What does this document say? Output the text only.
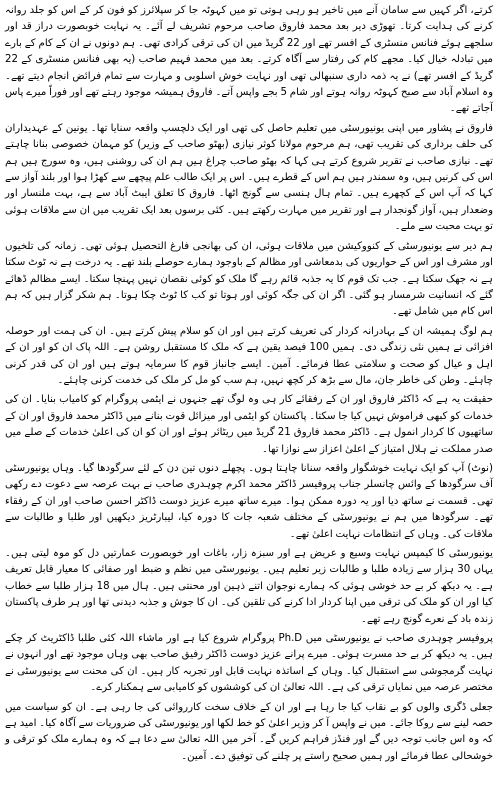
کرتے، اگر کہیں سے سامان آنے میں تاخیر ہو رہی ہوتی تو میں کہوٹہ جا کر سپلائرز کو فون کر کے اس کو جلد روانہ کرنے کی ہدایت کرتا۔ تھوڑی دیر بعد محمد فاروق صاحب مرحوم تشریف لے آئے۔ یہ نہایت خوبصورت دراز قد اور سلجھے ہوئے فنانس منسٹری کے افسر تھے اور 22 گریڈ میں ان کی ترقی کرادی تھی۔ ہم دونوں نے ان کے کام کے بارے میں تبادلہ خیال کیا۔ مجھے کام کی رفتار سے آگاہ کرتے۔ بعد میں محمد فہیم صاحب (یہ بھی فنانس منسٹری کے 22 گریڈ کے افسر تھے) نے یہ ذمہ داری سنبھالی تھی اور نہایت خوش اسلوبی و مہارت سے تمام فرائض انجام دیتے تھے۔ وہ اسلام آباد سے صبح کہوٹہ روانہ ہوتے اور شام 5 بجے واپس آتے۔ فاروق ہمیشہ موجود رہتے تھے اور فوراً میرے پاس آجاتے تھے۔

فاروق نے پشاور میں اپنی یونیورسٹی میں تعلیم حاصل کی تھی اور ایک دلچسپ واقعہ سنایا تھا۔ یونین کے عہدیداران کی حلف برداری کی تقریب تھی، ہم مرحوم مولانا کوثر نیازی (بھٹو صاحب کے وزیر) کو مہمان خصوصی بنانا چاہتے تھے۔ نیازی صاحب نے تقریر شروع کرتے ہی کہا کہ بھٹو صاحب چراغ ہیں ہم ان کی روشنی ہیں، وہ سورج ہیں ہم اس کی کرنیں ہیں، وہ سمندر ہیں ہم اس کے قطرے ہیں۔ اس پر ایک طالب علم پیچھے سے کھڑا ہوا اور بلند آواز سے کہا کہ آپ اس کے کچھرے ہیں۔ تمام ہال ہنسی سے گونج اٹھا۔ فاروق کا تعلق ایبٹ آباد سے ہے، بہت ملنسار اور وضعدار ہیں، آواز گونجدار ہے اور تقریر میں مہارت رکھتے ہیں۔ کئی برسوں بعد ایک تقریب میں ان سے ملاقات ہوئی تو بہت محبت سے ملے۔

ہم دیر سے یونیورسٹی کے کنووکیشن میں ملاقات ہوئی، ان کی بھانجی فارغ التحصیل ہوئی تھی۔ زمانہ کی تلخیوں اور مشرف اور اس کے حواریوں کی بدمعاشی اور مظالم کے باوجود ہمارے حوصلے بلند تھے۔ یہ درخت ہے نہ ٹوٹ سکتا ہے نہ جھک سکتا ہے۔ جب تک قوم کا یہ جذبہ قائم رہے گا ملک کو کوئی نقصان نہیں پہنچا سکتا۔ ایسے مظالم ڈھائے گئے کہ انسانیت شرمسار ہو گئی۔ اگر ان کی جگہ کوئی اور ہوتا تو کب کا ٹوٹ چکا ہوتا۔ ہم شکر گزار ہیں کہ ہم اس کام میں شامل تھے۔

ہم لوگ ہمیشہ ان کے بہادرانہ کردار کی تعریف کرتے ہیں اور ان کو سلام پیش کرتے ہیں۔ ان کی ہمت اور حوصلہ افزائی نے ہمیں نئی زندگی دی۔ ہمیں 100 فیصد یقین ہے کہ ملک کا مستقبل روشن ہے۔ اللہ پاک ان کو اور ان کے اہل و عیال کو صحت و سلامتی عطا فرمائے۔ آمین۔ ایسے جانباز قوم کا سرمایہ ہوتے ہیں اور ان کی قدر کرنی چاہئے۔ وطن کی خاطر جان، مال سے بڑھ کر کچھ نہیں، ہم سب کو مل کر ملک کی خدمت کرنی چاہئے۔

حقیقت یہ ہے کہ ڈاکٹر فاروق اور ان کے رفقائے کار ہی وہ لوگ تھے جنہوں نے ایٹمی پروگرام کو کامیاب بنایا۔ ان کی خدمات کو کبھی فراموش نہیں کیا جا سکتا۔ پاکستان کو ایٹمی اور میزائل قوت بنانے میں ڈاکٹر محمد فاروق اور ان کے ساتھیوں کا کردار انمول ہے۔ ڈاکٹر محمد فاروق 21 گریڈ میں ریٹائر ہوئے اور ان کو ان کی اعلیٰ خدمات کے صلے میں صدر مملکت نے ہلال امتیاز کے اعلیٰ اعزاز سے نوازا تھا۔

(نوٹ) آپ کو ایک نہایت خوشگوار واقعہ سنانا چاہتا ہوں۔ پچھلے دنوں تین دن کے لئے سرگودھا گیا۔ وہاں یونیورسٹی آف سرگودھا کے وائس چانسلر جناب پروفیسر ڈاکٹر محمد اکرم چوہدری صاحب نے بہت عرصہ سے دعوت دے رکھی تھی۔ قسمت نے ساتھ دیا اور یہ دورہ ممکن ہوا۔ میرے ساتھ میرے عزیز دوست ڈاکٹر احسن صاحب اور ان کے رفقاء تھے۔ سرگودھا میں ہم نے یونیورسٹی کے مختلف شعبہ جات کا دورہ کیا، لیبارٹریز دیکھیں اور طلبا و طالبات سے ملاقات کی۔ وہاں کے انتظامات نہایت اعلیٰ تھے۔

یونیورسٹی کا کیمپس نہایت وسیع و عریض ہے اور سبزہ زار، باغات اور خوبصورت عمارتیں دل کو موہ لیتی ہیں۔ یہاں 30 ہزار سے زیادہ طلبا و طالبات زیر تعلیم ہیں۔ یونیورسٹی میں نظم و ضبط اور صفائی کا معیار قابل تعریف ہے۔ یہ دیکھ کر بے حد خوشی ہوئی کہ ہمارے نوجوان اتنے ذہین اور محنتی ہیں۔ ہال میں 18 ہزار طلبا سے خطاب کیا اور ان کو ملک کی ترقی میں اپنا کردار ادا کرنے کی تلقین کی۔ ان کا جوش و جذبہ دیدنی تھا اور ہر طرف پاکستان زندہ باد کے نعرے گونج رہے تھے۔

پروفیسر چوہدری صاحب نے یونیورسٹی میں Ph.D پروگرام شروع کیا ہے اور ماشاء اللہ کئی طلبا ڈاکٹریٹ کر چکے ہیں۔ یہ دیکھ کر بے حد مسرت ہوئی۔ میرے پرانے عزیز دوست ڈاکٹر رفیق صاحب بھی وہاں موجود تھے اور انہوں نے نہایت گرمجوشی سے استقبال کیا۔ وہاں کے اساتذہ نہایت قابل اور تجربہ کار ہیں۔ ان کی محنت سے یونیورسٹی نے مختصر عرصہ میں نمایاں ترقی کی ہے۔ اللہ تعالیٰ ان کی کوششوں کو کامیابی سے ہمکنار کرے۔

جعلی ڈگری والوں کو بے نقاب کیا جا رہا ہے اور ان کے خلاف سخت کارروائی کی جا رہی ہے۔ ان کو سیاست میں حصہ لینے سے روکا جائے۔ میں نے واپس آ کر وزیر اعلیٰ کو خط لکھا اور یونیورسٹی کی ضروریات سے آگاہ کیا۔ امید ہے کہ وہ اس جانب توجہ دیں گے اور فنڈز فراہم کریں گے۔ آخر میں اللہ تعالیٰ سے دعا ہے کہ وہ ہمارے ملک کو ترقی و خوشحالی عطا فرمائے اور ہمیں صحیح راستے پر چلنے کی توفیق دے۔ آمین۔
